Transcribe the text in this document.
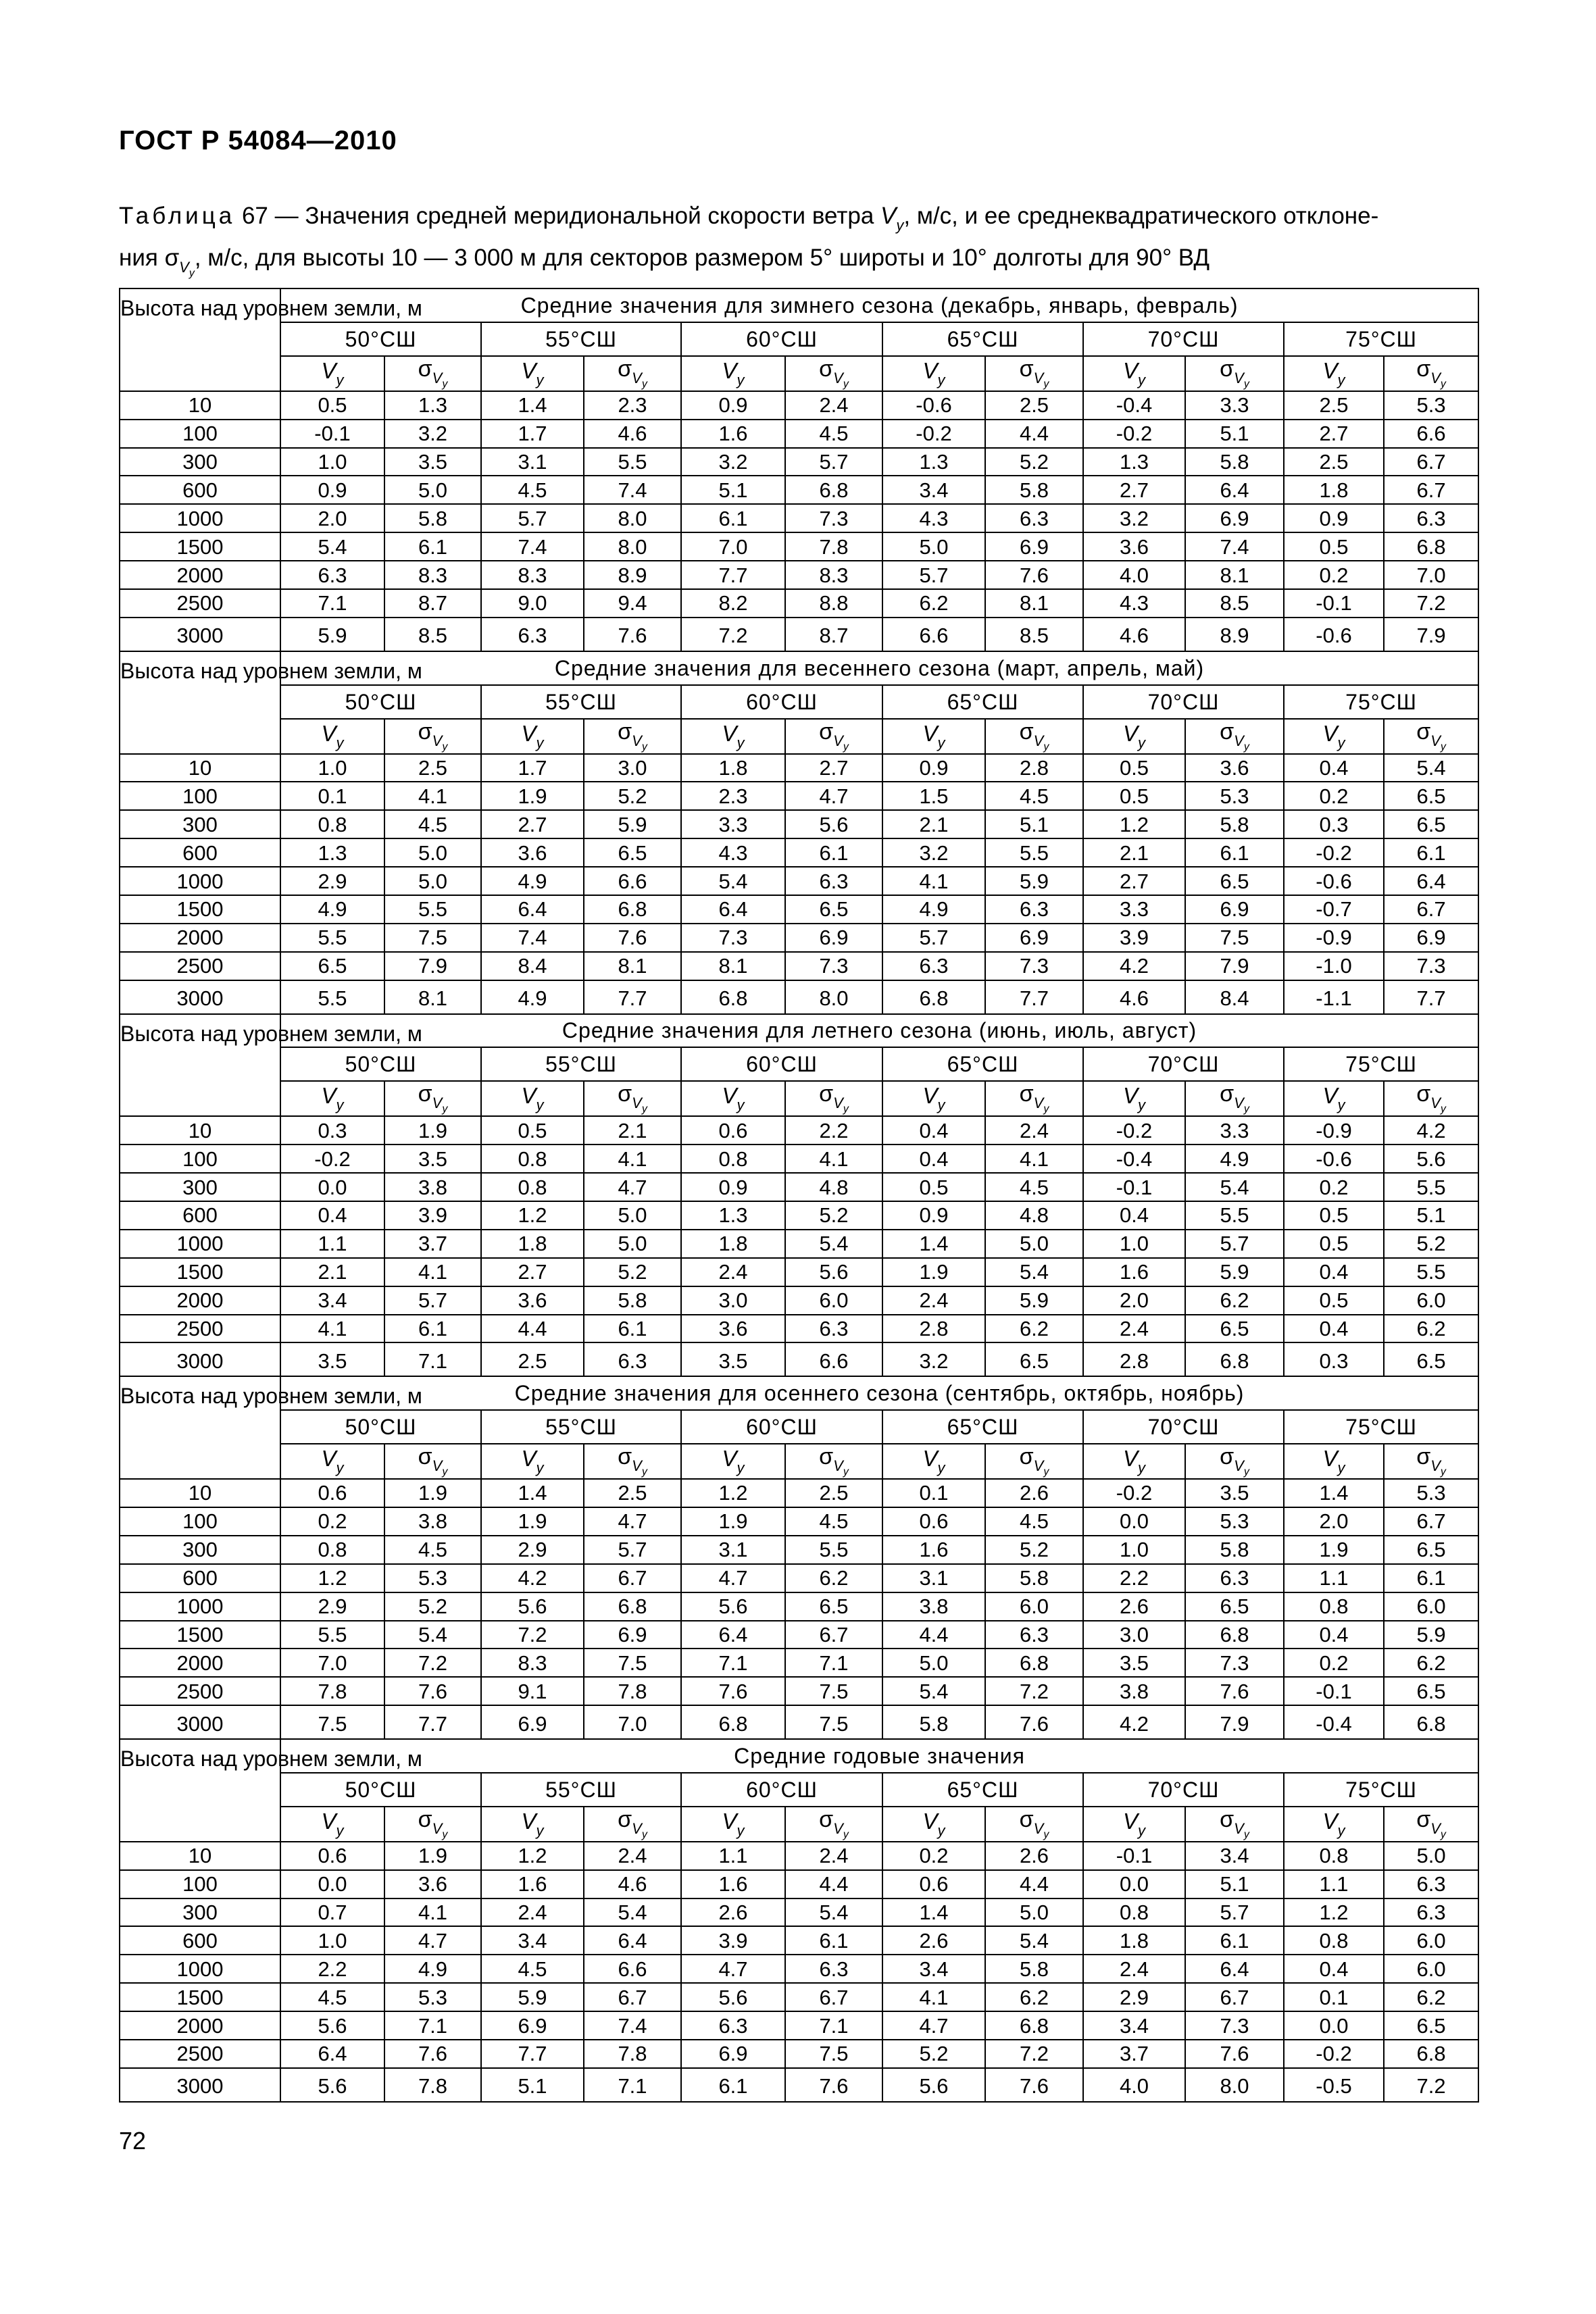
ГОСТ Р 54084—2010
Таблица 67 — Значения средней меридиональной скорости ветра $V_y$, м/с, и ее среднеквадратического отклоне-
ния $\sigma_{V_y}$, м/с, для высоты 10 — 3 000 м для секторов размером 5° широты и 10° долготы для 90° ВД
Высота над уровнем земли, м	Средние значения для зимнего сезона (декабрь, январь, февраль)											
	50°СШ		55°СШ		60°СШ		65°СШ		70°СШ		75°СШ	
	$V_y$	$\sigma_{V_y}$	$V_y$	$\sigma_{V_y}$	$V_y$	$\sigma_{V_y}$	$V_y$	$\sigma_{V_y}$	$V_y$	$\sigma_{V_y}$	$V_y$	$\sigma_{V_y}$
10	0.5	1.3	1.4	2.3	0.9	2.4	-0.6	2.5	-0.4	3.3	2.5	5.3
100	-0.1	3.2	1.7	4.6	1.6	4.5	-0.2	4.4	-0.2	5.1	2.7	6.6
300	1.0	3.5	3.1	5.5	3.2	5.7	1.3	5.2	1.3	5.8	2.5	6.7
600	0.9	5.0	4.5	7.4	5.1	6.8	3.4	5.8	2.7	6.4	1.8	6.7
1000	2.0	5.8	5.7	8.0	6.1	7.3	4.3	6.3	3.2	6.9	0.9	6.3
1500	5.4	6.1	7.4	8.0	7.0	7.8	5.0	6.9	3.6	7.4	0.5	6.8
2000	6.3	8.3	8.3	8.9	7.7	8.3	5.7	7.6	4.0	8.1	0.2	7.0
2500	7.1	8.7	9.0	9.4	8.2	8.8	6.2	8.1	4.3	8.5	-0.1	7.2
3000	5.9	8.5	6.3	7.6	7.2	8.7	6.6	8.5	4.6	8.9	-0.6	7.9
Высота над уровнем земли, м	Средние значения для весеннего сезона (март, апрель, май)											
	50°СШ		55°СШ		60°СШ		65°СШ		70°СШ		75°СШ	
	$V_y$	$\sigma_{V_y}$	$V_y$	$\sigma_{V_y}$	$V_y$	$\sigma_{V_y}$	$V_y$	$\sigma_{V_y}$	$V_y$	$\sigma_{V_y}$	$V_y$	$\sigma_{V_y}$
10	1.0	2.5	1.7	3.0	1.8	2.7	0.9	2.8	0.5	3.6	0.4	5.4
100	0.1	4.1	1.9	5.2	2.3	4.7	1.5	4.5	0.5	5.3	0.2	6.5
300	0.8	4.5	2.7	5.9	3.3	5.6	2.1	5.1	1.2	5.8	0.3	6.5
600	1.3	5.0	3.6	6.5	4.3	6.1	3.2	5.5	2.1	6.1	-0.2	6.1
1000	2.9	5.0	4.9	6.6	5.4	6.3	4.1	5.9	2.7	6.5	-0.6	6.4
1500	4.9	5.5	6.4	6.8	6.4	6.5	4.9	6.3	3.3	6.9	-0.7	6.7
2000	5.5	7.5	7.4	7.6	7.3	6.9	5.7	6.9	3.9	7.5	-0.9	6.9
2500	6.5	7.9	8.4	8.1	8.1	7.3	6.3	7.3	4.2	7.9	-1.0	7.3
3000	5.5	8.1	4.9	7.7	6.8	8.0	6.8	7.7	4.6	8.4	-1.1	7.7
Высота над уровнем земли, м	Средние значения для летнего сезона (июнь, июль, август)											
	50°СШ		55°СШ		60°СШ		65°СШ		70°СШ		75°СШ	
	$V_y$	$\sigma_{V_y}$	$V_y$	$\sigma_{V_y}$	$V_y$	$\sigma_{V_y}$	$V_y$	$\sigma_{V_y}$	$V_y$	$\sigma_{V_y}$	$V_y$	$\sigma_{V_y}$
10	0.3	1.9	0.5	2.1	0.6	2.2	0.4	2.4	-0.2	3.3	-0.9	4.2
100	-0.2	3.5	0.8	4.1	0.8	4.1	0.4	4.1	-0.4	4.9	-0.6	5.6
300	0.0	3.8	0.8	4.7	0.9	4.8	0.5	4.5	-0.1	5.4	0.2	5.5
600	0.4	3.9	1.2	5.0	1.3	5.2	0.9	4.8	0.4	5.5	0.5	5.1
1000	1.1	3.7	1.8	5.0	1.8	5.4	1.4	5.0	1.0	5.7	0.5	5.2
1500	2.1	4.1	2.7	5.2	2.4	5.6	1.9	5.4	1.6	5.9	0.4	5.5
2000	3.4	5.7	3.6	5.8	3.0	6.0	2.4	5.9	2.0	6.2	0.5	6.0
2500	4.1	6.1	4.4	6.1	3.6	6.3	2.8	6.2	2.4	6.5	0.4	6.2
3000	3.5	7.1	2.5	6.3	3.5	6.6	3.2	6.5	2.8	6.8	0.3	6.5
Высота над уровнем земли, м	Средние значения для осеннего сезона (сентябрь, октябрь, ноябрь)											
	50°СШ		55°СШ		60°СШ		65°СШ		70°СШ		75°СШ	
	$V_y$	$\sigma_{V_y}$	$V_y$	$\sigma_{V_y}$	$V_y$	$\sigma_{V_y}$	$V_y$	$\sigma_{V_y}$	$V_y$	$\sigma_{V_y}$	$V_y$	$\sigma_{V_y}$
10	0.6	1.9	1.4	2.5	1.2	2.5	0.1	2.6	-0.2	3.5	1.4	5.3
100	0.2	3.8	1.9	4.7	1.9	4.5	0.6	4.5	0.0	5.3	2.0	6.7
300	0.8	4.5	2.9	5.7	3.1	5.5	1.6	5.2	1.0	5.8	1.9	6.5
600	1.2	5.3	4.2	6.7	4.7	6.2	3.1	5.8	2.2	6.3	1.1	6.1
1000	2.9	5.2	5.6	6.8	5.6	6.5	3.8	6.0	2.6	6.5	0.8	6.0
1500	5.5	5.4	7.2	6.9	6.4	6.7	4.4	6.3	3.0	6.8	0.4	5.9
2000	7.0	7.2	8.3	7.5	7.1	7.1	5.0	6.8	3.5	7.3	0.2	6.2
2500	7.8	7.6	9.1	7.8	7.6	7.5	5.4	7.2	3.8	7.6	-0.1	6.5
3000	7.5	7.7	6.9	7.0	6.8	7.5	5.8	7.6	4.2	7.9	-0.4	6.8
Высота над уровнем земли, м	Средние годовые значения											
	50°СШ		55°СШ		60°СШ		65°СШ		70°СШ		75°СШ	
	$V_y$	$\sigma_{V_y}$	$V_y$	$\sigma_{V_y}$	$V_y$	$\sigma_{V_y}$	$V_y$	$\sigma_{V_y}$	$V_y$	$\sigma_{V_y}$	$V_y$	$\sigma_{V_y}$
10	0.6	1.9	1.2	2.4	1.1	2.4	0.2	2.6	-0.1	3.4	0.8	5.0
100	0.0	3.6	1.6	4.6	1.6	4.4	0.6	4.4	0.0	5.1	1.1	6.3
300	0.7	4.1	2.4	5.4	2.6	5.4	1.4	5.0	0.8	5.7	1.2	6.3
600	1.0	4.7	3.4	6.4	3.9	6.1	2.6	5.4	1.8	6.1	0.8	6.0
1000	2.2	4.9	4.5	6.6	4.7	6.3	3.4	5.8	2.4	6.4	0.4	6.0
1500	4.5	5.3	5.9	6.7	5.6	6.7	4.1	6.2	2.9	6.7	0.1	6.2
2000	5.6	7.1	6.9	7.4	6.3	7.1	4.7	6.8	3.4	7.3	0.0	6.5
2500	6.4	7.6	7.7	7.8	6.9	7.5	5.2	7.2	3.7	7.6	-0.2	6.8
3000	5.6	7.8	5.1	7.1	6.1	7.6	5.6	7.6	4.0	8.0	-0.5	7.2
72
